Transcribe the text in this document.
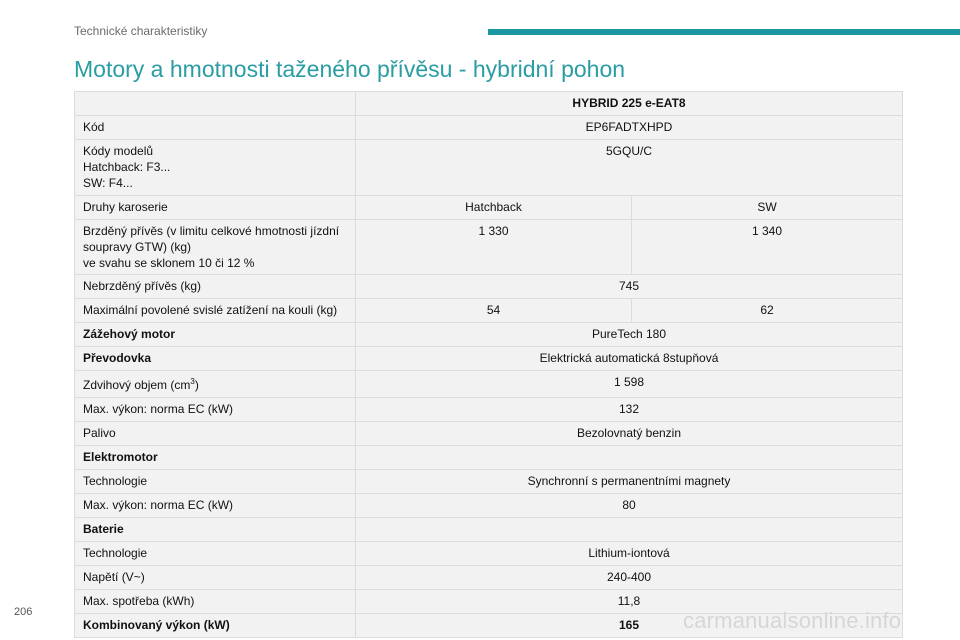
Technické charakteristiky
Motory a hmotnosti taženého přívěsu - hybridní pohon
	HYBRID 225 e-EAT8	
Kód	EP6FADTXHPD	

Kódy modelů
Hatchback: F3...
SW: F4...	5GQU/C	
Druhy karoserie	Hatchback	SW

Brzděný přívěs (v limitu celkové hmotnosti jízdní
soupravy GTW) (kg)
ve svahu se sklonem 10 či 12 %	1 330	1 340
Nebrzděný přívěs (kg)	745	
Maximální povolené svislé zatížení na kouli (kg)	54	62
Zážehový motor	PureTech 180	
Převodovka	Elektrická automatická 8stupňová	
Zdvihový objem $(cm^3)$	1 598	
Max. výkon: norma EC (kW)	132	
Palivo	Bezolovnatý benzin	
Elektromotor		
Technologie	Synchronní s permanentními magnety	
Max. výkon: norma EC (kW)	80	
Baterie		
Technologie	Lithium-iontová	
Napětí (V~)	240-400	
Max. spotřeba (kWh)	11,8	
Kombinovaný výkon (kW)	165	
206	carmanualsonline.info
